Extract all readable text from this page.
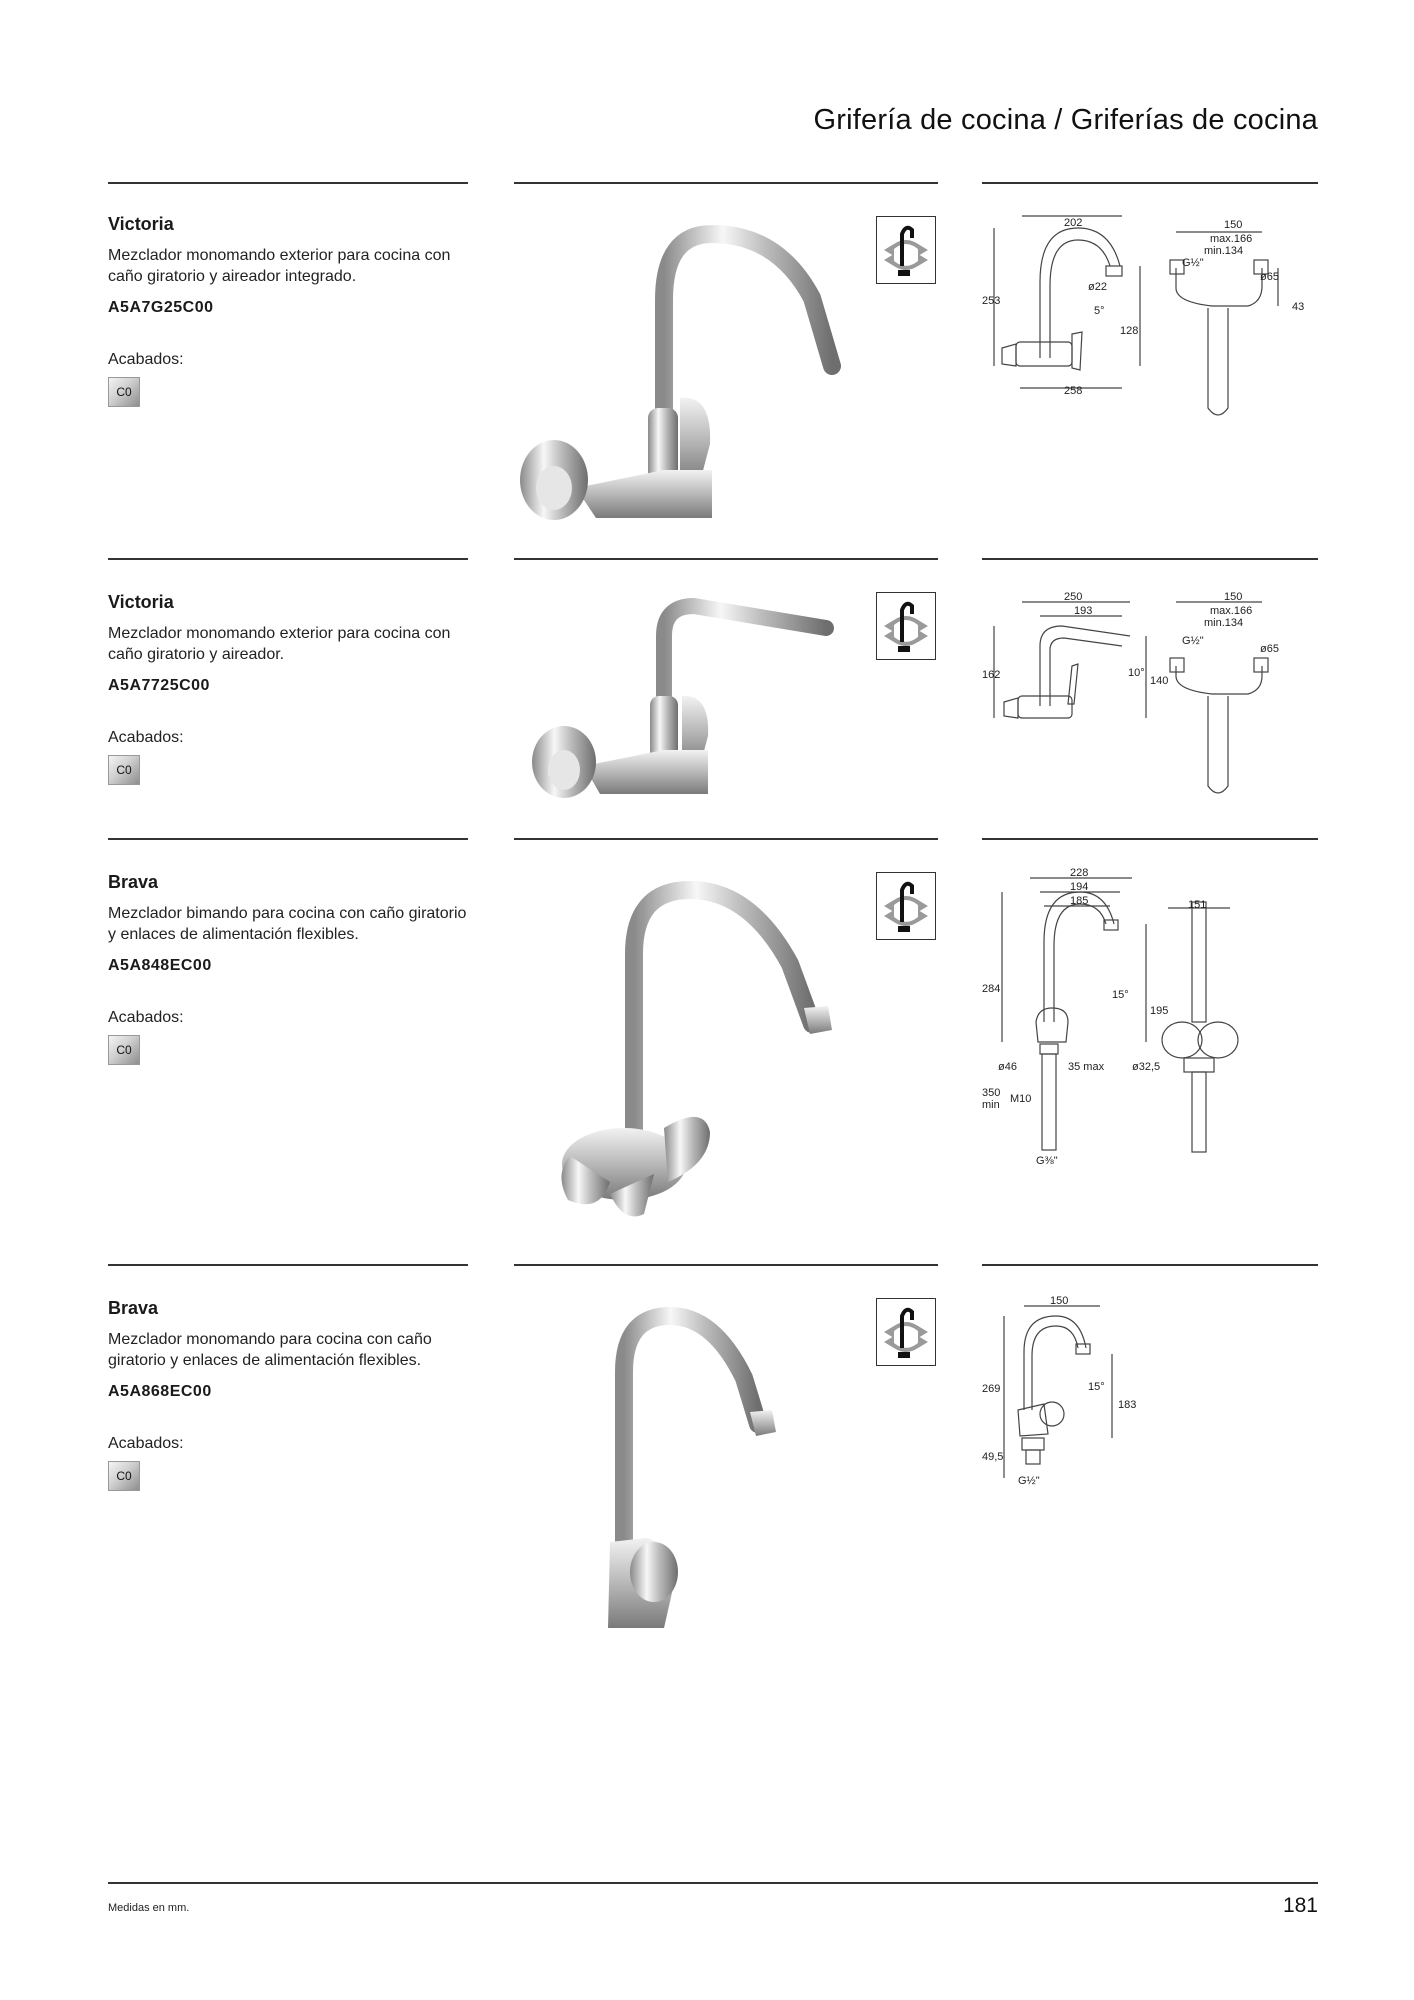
Grifería de cocina / Griferías de cocina
Victoria
Mezclador monomando exterior para cocina con caño giratorio y aireador integrado.
A5A7G25C00
Acabados:
C0
202
253
ø22
5°
128
258
150
max.166
min.134
G½"
ø65
43
Victoria
Mezclador monomando exterior para cocina con caño giratorio y aireador.
A5A7725C00
Acabados:
C0
250
193
162	10°
140
150
max.166
min.134
G½"
ø65
Brava
Mezclador bimando para cocina con caño giratorio y enlaces de alimentación flexibles.
A5A848EC00
Acabados:
C0
228
194
185
284	15°
195
ø46	35 max
350
min M10
G⅜"
151
ø32,5
Brava
Mezclador monomando para cocina con caño giratorio y enlaces de alimentación flexibles.
A5A868EC00
Acabados:
C0
150
269	15°
183
49,5
G½"
Medidas en mm.	181
